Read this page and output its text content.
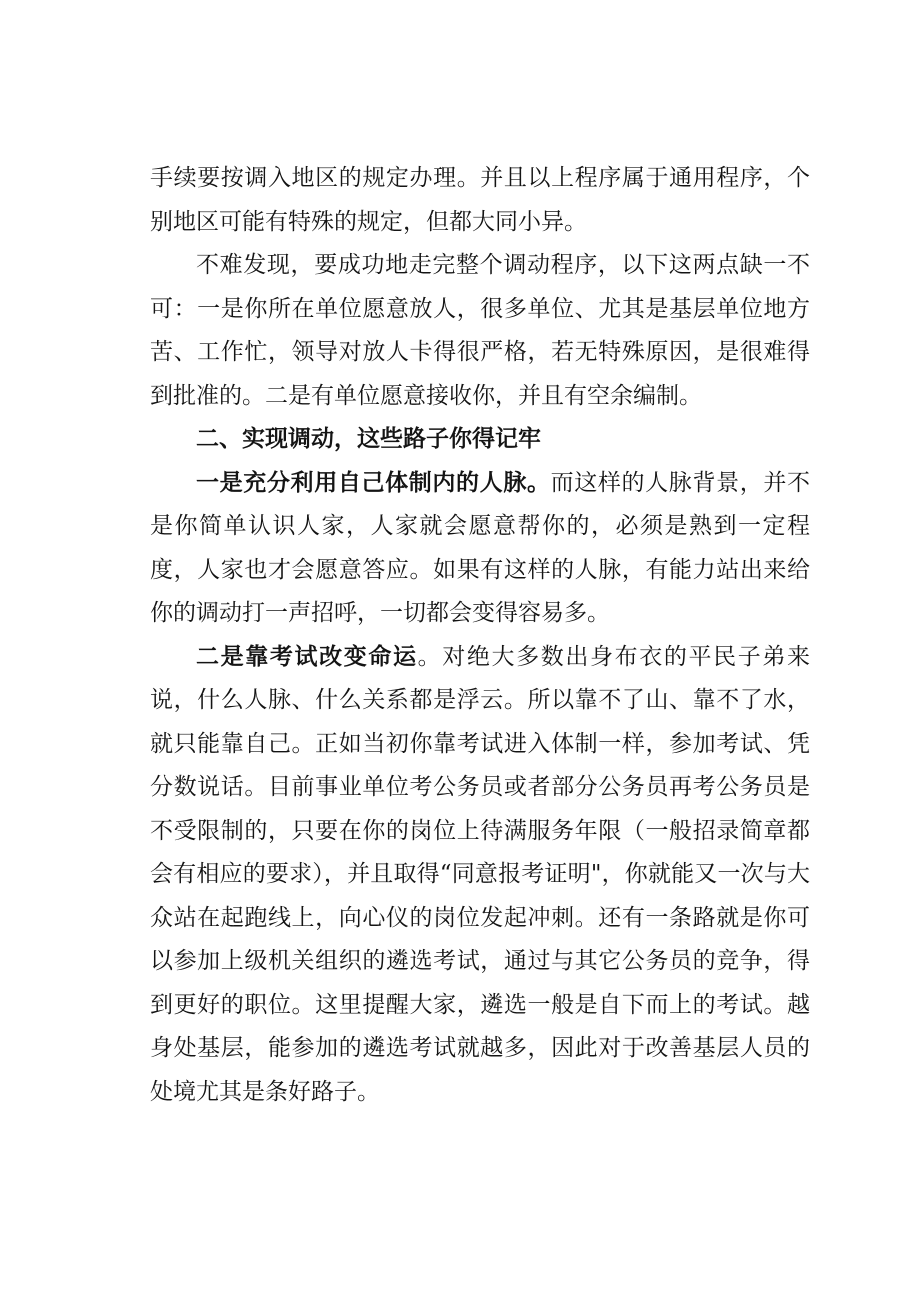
手续要按调入地区的规定办理。并且以上程序属于通用程序，个别地区可能有特殊的规定，但都大同小异。

不难发现，要成功地走完整个调动程序，以下这两点缺一不可：一是你所在单位愿意放人，很多单位、尤其是基层单位地方苦、工作忙，领导对放人卡得很严格，若无特殊原因，是很难得到批准的。二是有单位愿意接收你，并且有空余编制。

二、实现调动，这些路子你得记牢

一是充分利用自己体制内的人脉。而这样的人脉背景，并不是你简单认识人家，人家就会愿意帮你的，必须是熟到一定程度，人家也才会愿意答应。如果有这样的人脉，有能力站出来给你的调动打一声招呼，一切都会变得容易多。

二是靠考试改变命运。对绝大多数出身布衣的平民子弟来说，什么人脉、什么关系都是浮云。所以靠不了山、靠不了水，就只能靠自己。正如当初你靠考试进入体制一样，参加考试、凭分数说话。目前事业单位考公务员或者部分公务员再考公务员是不受限制的，只要在你的岗位上待满服务年限（一般招录简章都会有相应的要求），并且取得“同意报考证明"，你就能又一次与大众站在起跑线上，向心仪的岗位发起冲刺。还有一条路就是你可以参加上级机关组织的遴选考试，通过与其它公务员的竞争，得到更好的职位。这里提醒大家，遴选一般是自下而上的考试。越身处基层，能参加的遴选考试就越多，因此对于改善基层人员的处境尤其是条好路子。
